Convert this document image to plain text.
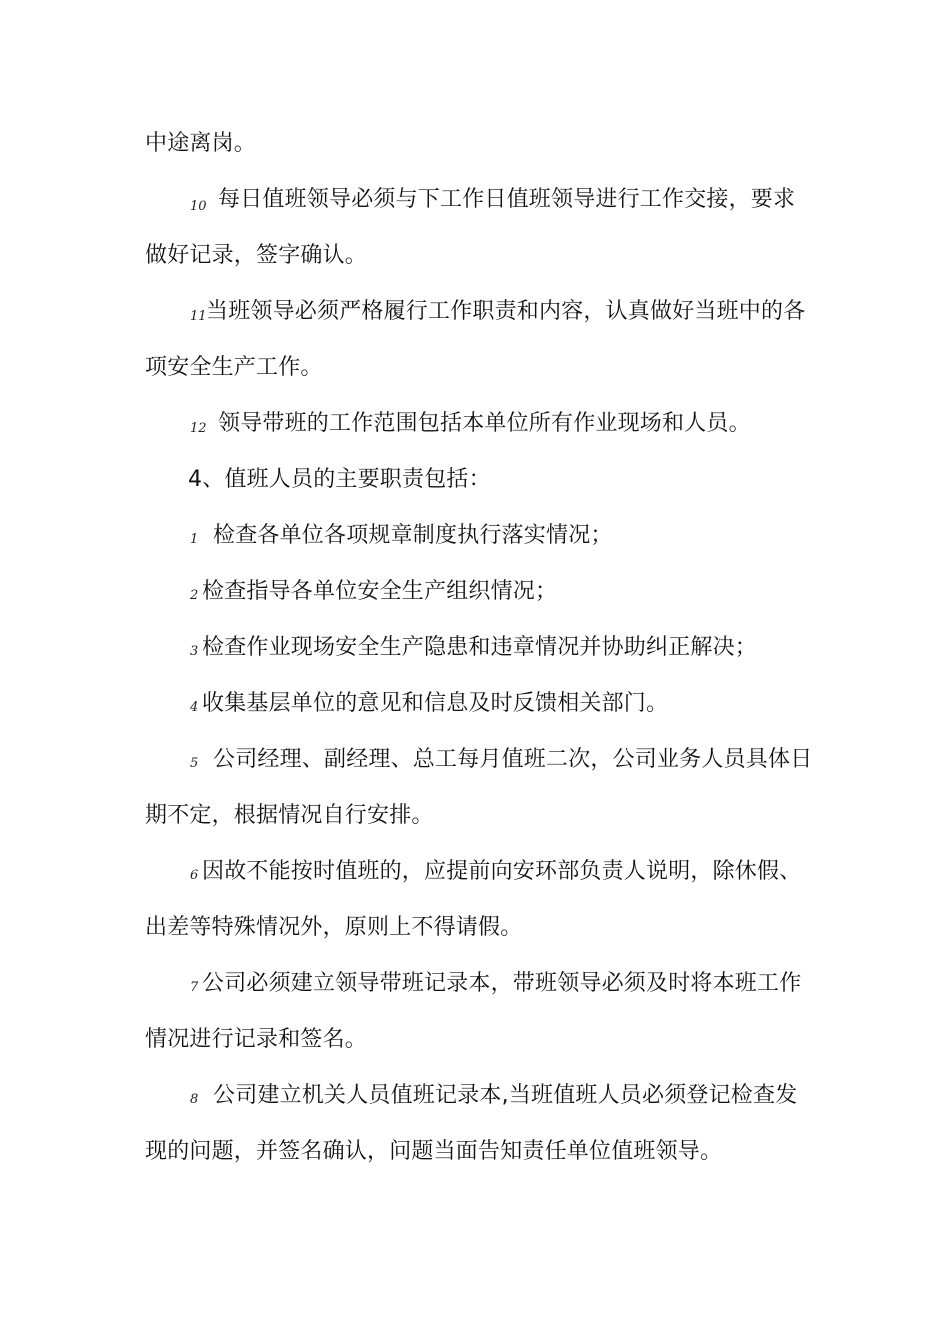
中途离岗。
10 每日值班领导必须与下工作日值班领导进行工作交接，要求
做好记录，签字确认。
11 当班领导必须严格履行工作职责和内容，认真做好当班中的各
项安全生产工作。
12 领导带班的工作范围包括本单位所有作业现场和人员。
4、值班人员的主要职责包括：
1 检查各单位各项规章制度执行落实情况；
2 检查指导各单位安全生产组织情况；
3 检查作业现场安全生产隐患和违章情况并协助纠正解决；
4 收集基层单位的意见和信息及时反馈相关部门。
5 公司经理、副经理、总工每月值班二次，公司业务人员具体日
期不定，根据情况自行安排。
6 因故不能按时值班的，应提前向安环部负责人说明，除休假、
出差等特殊情况外，原则上不得请假。
7 公司必须建立领导带班记录本，带班领导必须及时将本班工作
情况进行记录和签名。
8 公司建立机关人员值班记录本,当班值班人员必须登记检查发
现的问题，并签名确认，问题当面告知责任单位值班领导。
